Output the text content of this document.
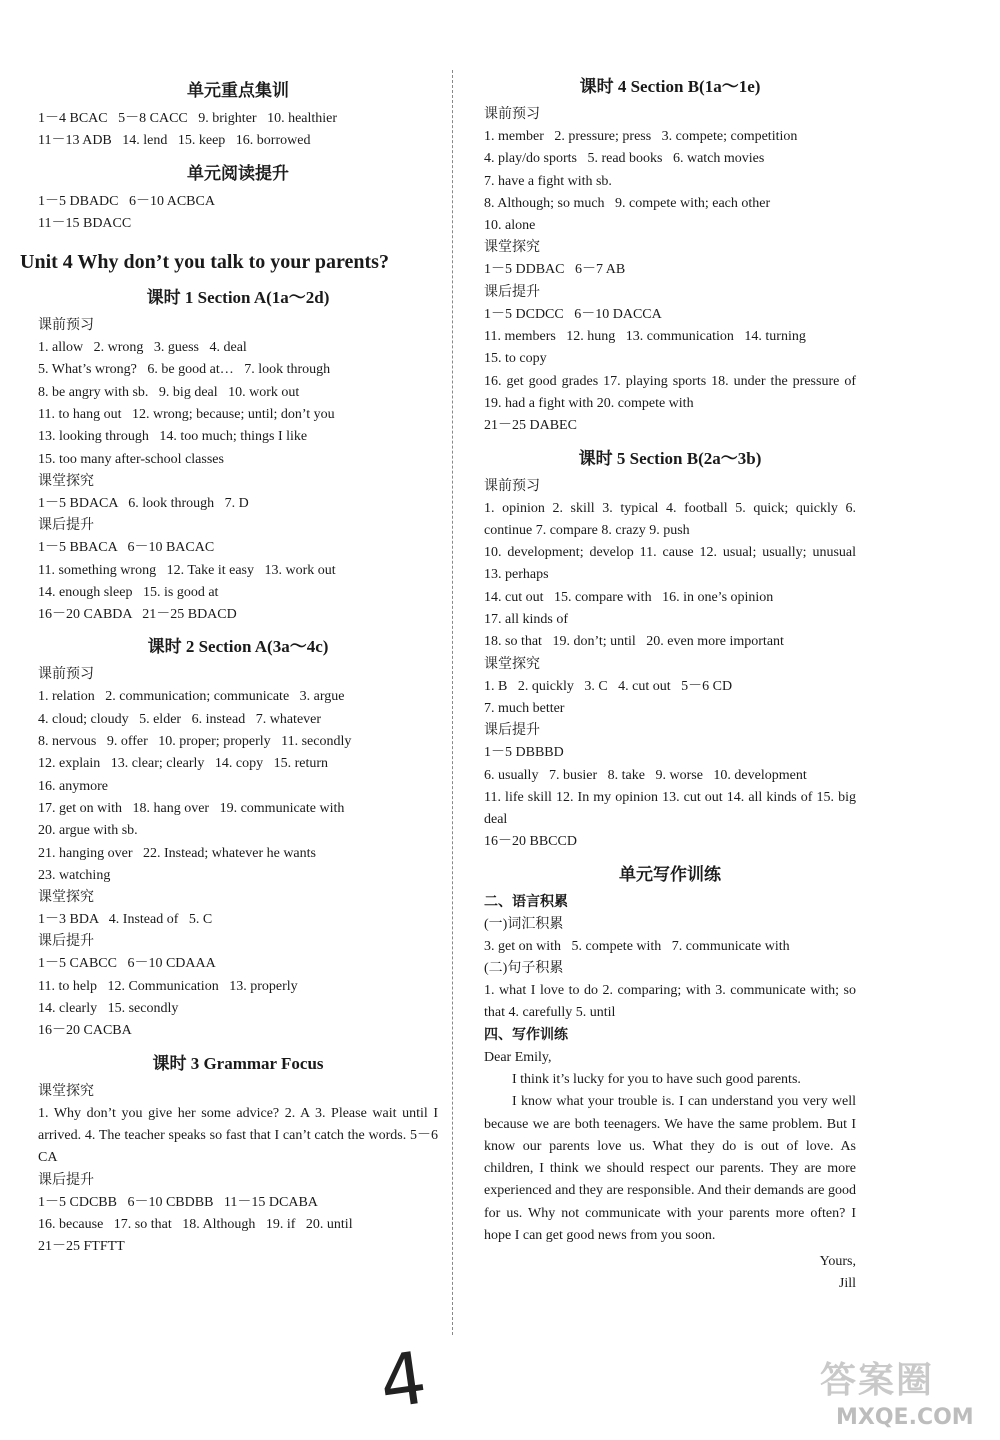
单元重点集训
1－4 BCAC   5－8 CACC   9. brighter   10. healthier
11－13 ADB   14. lend   15. keep   16. borrowed
单元阅读提升
1－5 DBADC   6－10 ACBCA
11－15 BDACC
Unit 4 Why don’t you talk to your parents?
课时 1 Section A(1a～2d)
课前预习
1. allow   2. wrong   3. guess   4. deal
5. What’s wrong?   6. be good at…   7. look through
8. be angry with sb.   9. big deal   10. work out
11. to hang out   12. wrong; because; until; don’t you
13. looking through   14. too much; things I like
15. too many after-school classes
课堂探究
1－5 BDACA   6. look through   7. D
课后提升
1－5 BBACA   6－10 BACAC
11. something wrong   12. Take it easy   13. work out
14. enough sleep   15. is good at
16－20 CABDA   21－25 BDACD
课时 2 Section A(3a～4c)
课前预习
1. relation   2. communication; communicate   3. argue
4. cloud; cloudy   5. elder   6. instead   7. whatever
8. nervous   9. offer   10. proper; properly   11. secondly
12. explain   13. clear; clearly   14. copy   15. return
16. anymore
17. get on with   18. hang over   19. communicate with
20. argue with sb.
21. hanging over   22. Instead; whatever he wants
23. watching
课堂探究
1－3 BDA   4. Instead of   5. C
课后提升
1－5 CABCC   6－10 CDAAA
11. to help   12. Communication   13. properly
14. clearly   15. secondly
16－20 CACBA
课时 3 Grammar Focus
课堂探究
1. Why don’t you give her some advice? 2. A 3. Please wait until I arrived. 4. The teacher speaks so fast that I can’t catch the words. 5－6 CA
课后提升
1－5 CDCBB   6－10 CBDBB   11－15 DCABA
16. because   17. so that   18. Although   19. if   20. until
21－25 FTFTT
课时 4 Section B(1a～1e)
课前预习
1. member   2. pressure; press   3. compete; competition
4. play/do sports   5. read books   6. watch movies
7. have a fight with sb.
8. Although; so much   9. compete with; each other
10. alone
课堂探究
1－5 DDBAC   6－7 AB
课后提升
1－5 DCDCC   6－10 DACCA
11. members   12. hung   13. communication   14. turning
15. to copy
16. get good grades 17. playing sports 18. under the pressure of 19. had a fight with 20. compete with
21－25 DABEC
课时 5 Section B(2a～3b)
课前预习
1. opinion 2. skill 3. typical 4. football 5. quick; quickly 6. continue 7. compare 8. crazy 9. push
10. development; develop 11. cause 12. usual; usually; unusual 13. perhaps
14. cut out   15. compare with   16. in one’s opinion
17. all kinds of
18. so that   19. don’t; until   20. even more important
课堂探究
1. B   2. quickly   3. C   4. cut out   5－6 CD
7. much better
课后提升
1－5 DBBBD
6. usually   7. busier   8. take   9. worse   10. development
11. life skill 12. In my opinion 13. cut out 14. all kinds of 15. big deal
16－20 BBCCD
单元写作训练
二、语言积累
(一)词汇积累
3. get on with   5. compete with   7. communicate with
(二)句子积累
1. what I love to do 2. comparing; with 3. communicate with; so that 4. carefully 5. until
四、写作训练
Dear Emily,
I think it’s lucky for you to have such good parents.
I know what your trouble is. I can understand you very well because we are both teenagers. We have the same problem. But I know our parents love us. What they do is out of love. As children, I think we should respect our parents. They are more experienced and they are responsible. And their demands are good for us. Why not communicate with your parents more often? I hope I can get good news from you soon.
Yours,
Jill
4	答案圈
MXQE.COM
